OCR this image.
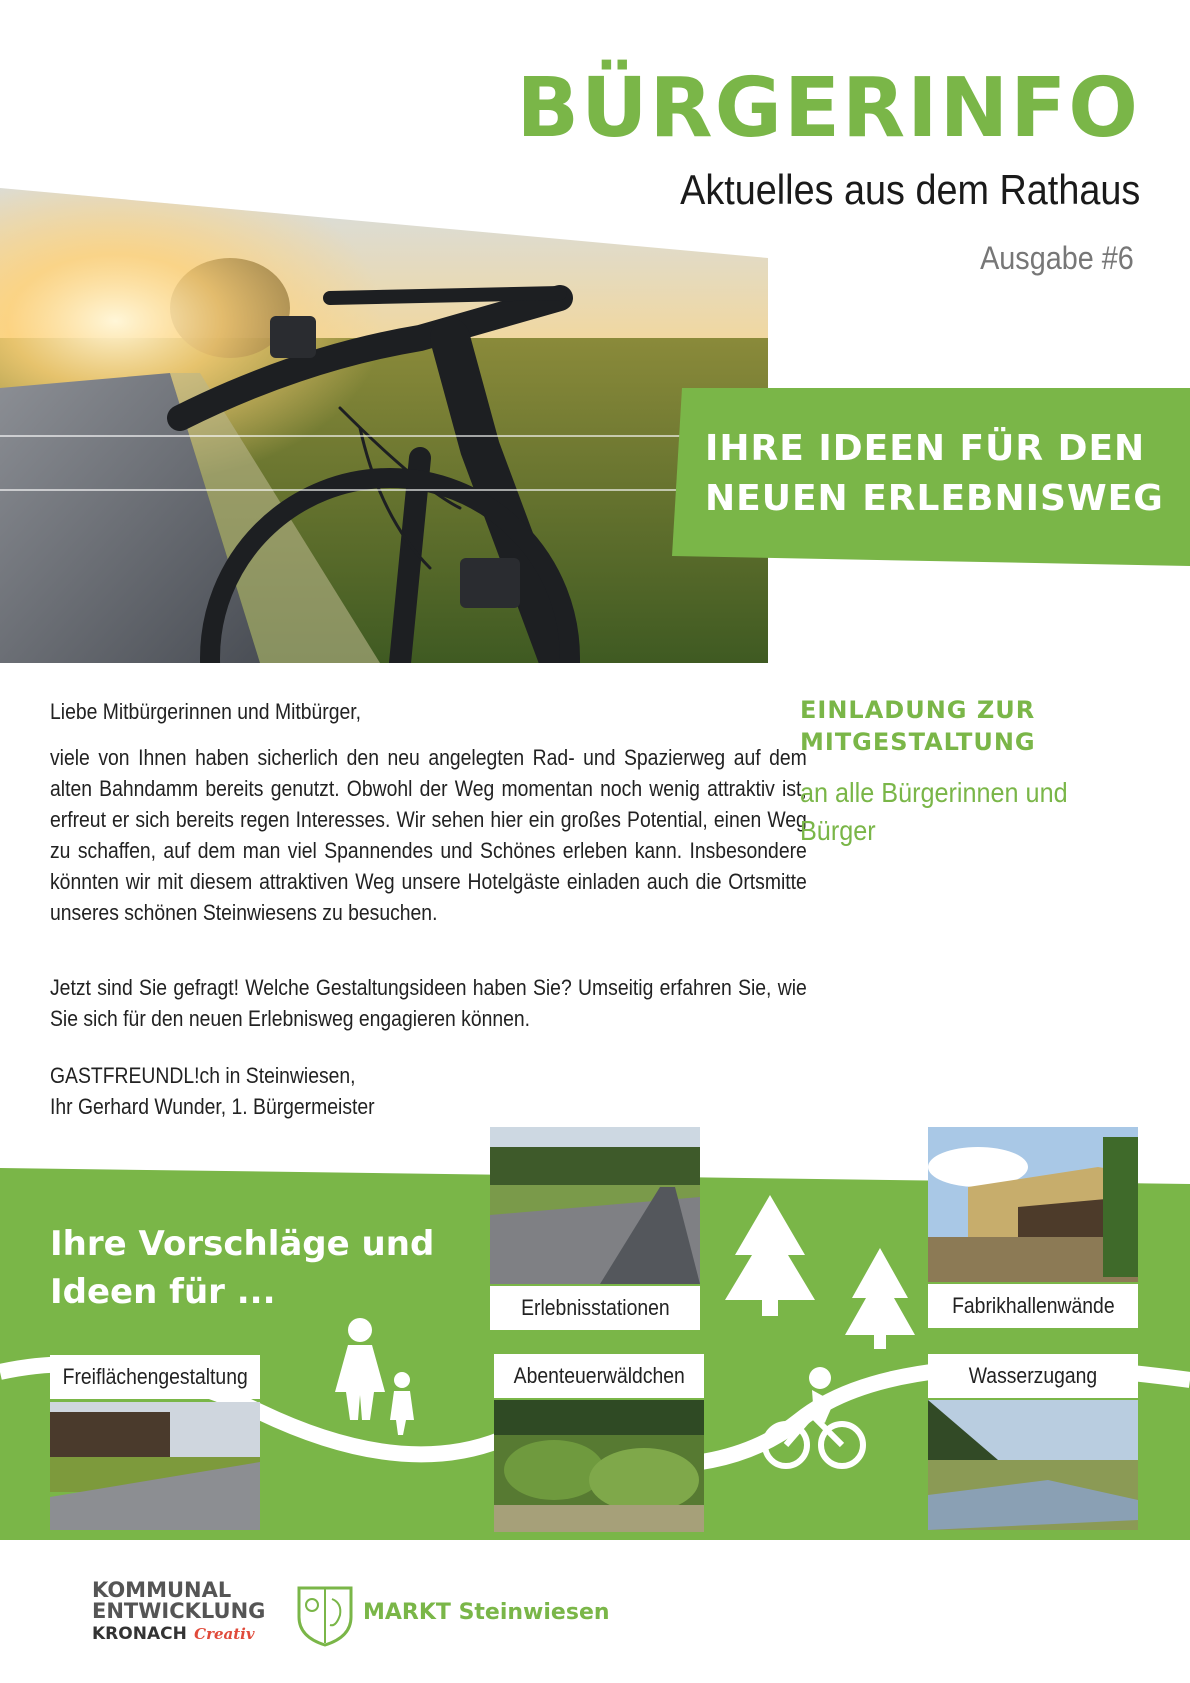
BÜRGERINFO
Aktuelles aus dem Rathaus
Ausgabe #6
IHRE IDEEN FÜR DEN
NEUEN ERLEBNISWEG
Liebe Mitbürgerinnen und Mitbürger,
viele von Ihnen haben sicherlich den neu angelegten Rad- und Spazierweg auf dem alten Bahndamm bereits genutzt. Obwohl der Weg momentan noch wenig attraktiv ist, erfreut er sich bereits regen Interesses. Wir sehen hier ein großes Potential, einen Weg zu schaffen, auf dem man viel Spannendes und Schönes erleben kann. Insbesondere könnten wir mit diesem attraktiven Weg unsere Hotelgäste einladen auch die Ortsmitte unseres schönen Steinwiesens zu besuchen.
Jetzt sind Sie gefragt! Welche Gestaltungsideen haben Sie? Umseitig erfahren Sie, wie Sie sich für den neuen Erlebnisweg engagieren können.
GASTFREUNDL!ch in Steinwiesen,
Ihr Gerhard Wunder, 1. Bürgermeister
EINLADUNG ZUR
MITGESTALTUNG
an alle Bürgerinnen und Bürger
Ihre Vorschläge und
Ideen für ...	Erlebnisstationen	Fabrikhallenwände
Freiflächengestaltung	Abenteuerwäldchen	Wasserzugang
KOMMUNAL
ENTWICKLUNG
KRONACH Creativ
MARKT Steinwiesen
